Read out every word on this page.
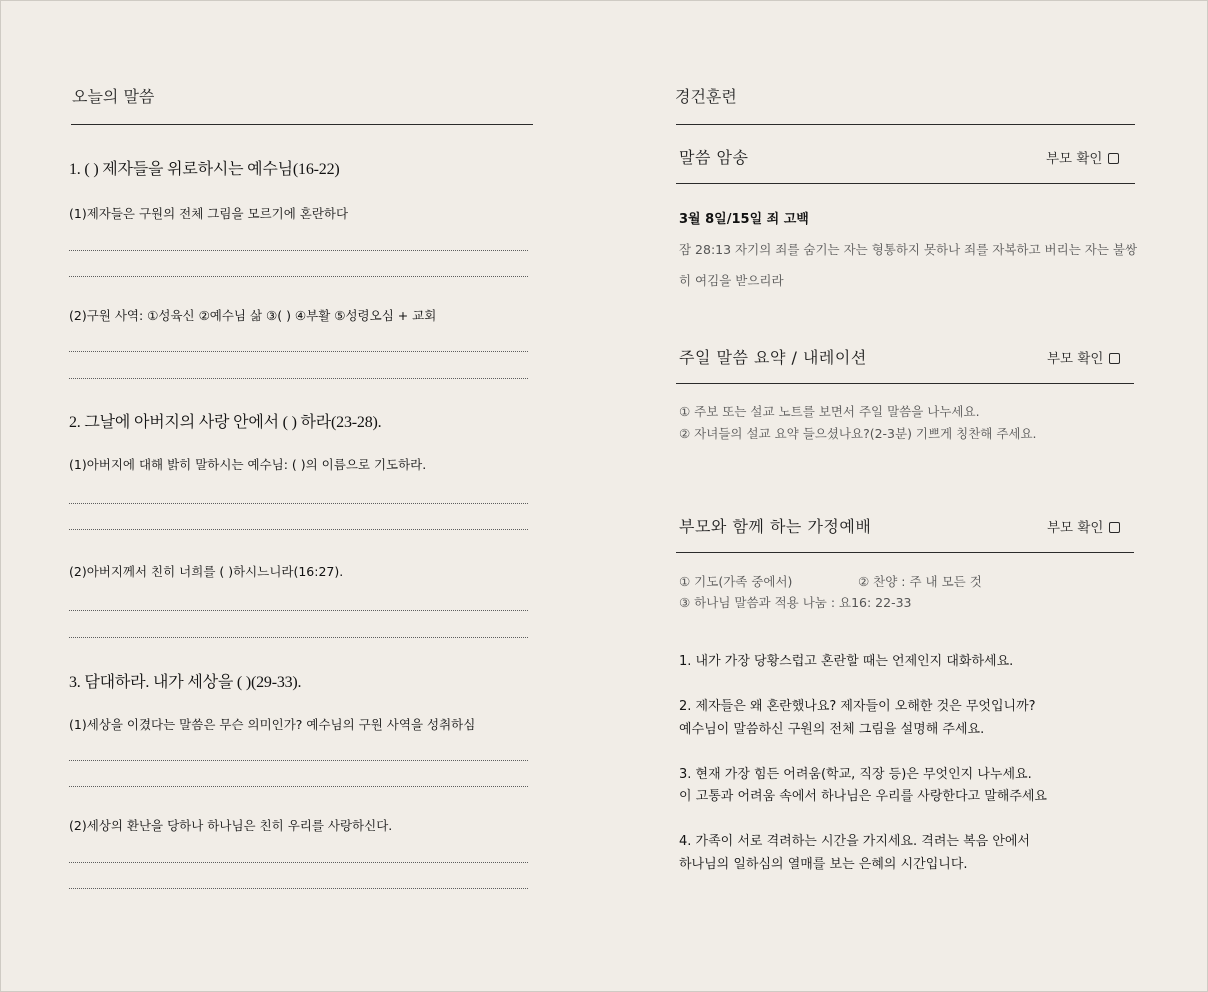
오늘의 말씀
1. ( ) 제자들을 위로하시는 예수님(16-22)
(1)제자들은 구원의 전체 그림을 모르기에 혼란하다
(2)구원 사역: ①성육신 ②예수님 삶 ③( ) ④부활 ⑤성령오심 + 교회
2. 그날에 아버지의 사랑 안에서 ( ) 하라(23-28).
(1)아버지에 대해 밝히 말하시는 예수님: ( )의 이름으로 기도하라.
(2)아버지께서 친히 너희를 ( )하시느니라(16:27).
3. 담대하라. 내가 세상을 ( )(29-33).
(1)세상을 이겼다는 말씀은 무슨 의미인가? 예수님의 구원 사역을 성취하심
(2)세상의 환난을 당하나 하나님은 친히 우리를 사랑하신다.
경건훈련
말씀 암송	부모 확인
3월 8일/15일 죄 고백
잠 28:13 자기의 죄를 숨기는 자는 형통하지 못하나 죄를 자복하고 버리는 자는 불쌍
히 여김을 받으리라
주일 말씀 요약 / 내레이션	부모 확인
① 주보 또는 설교 노트를 보면서 주일 말씀을 나누세요.
② 자녀들의 설교 요약 들으셨나요?(2-3분) 기쁘게 칭찬해 주세요.
부모와 함께 하는 가정예배	부모 확인
① 기도(가족 중에서)	② 찬양 : 주 내 모든 것
③ 하나님 말씀과 적용 나눔 : 요16: 22-33
1. 내가 가장 당황스럽고 혼란할 때는 언제인지 대화하세요.
2. 제자들은 왜 혼란했나요? 제자들이 오해한 것은 무엇입니까?
예수님이 말씀하신 구원의 전체 그림을 설명해 주세요.
3. 현재 가장 힘든 어려움(학교, 직장 등)은 무엇인지 나누세요.
이 고통과 어려움 속에서 하나님은 우리를 사랑한다고 말해주세요
4. 가족이 서로 격려하는 시간을 가지세요. 격려는 복음 안에서
하나님의 일하심의 열매를 보는 은혜의 시간입니다.
